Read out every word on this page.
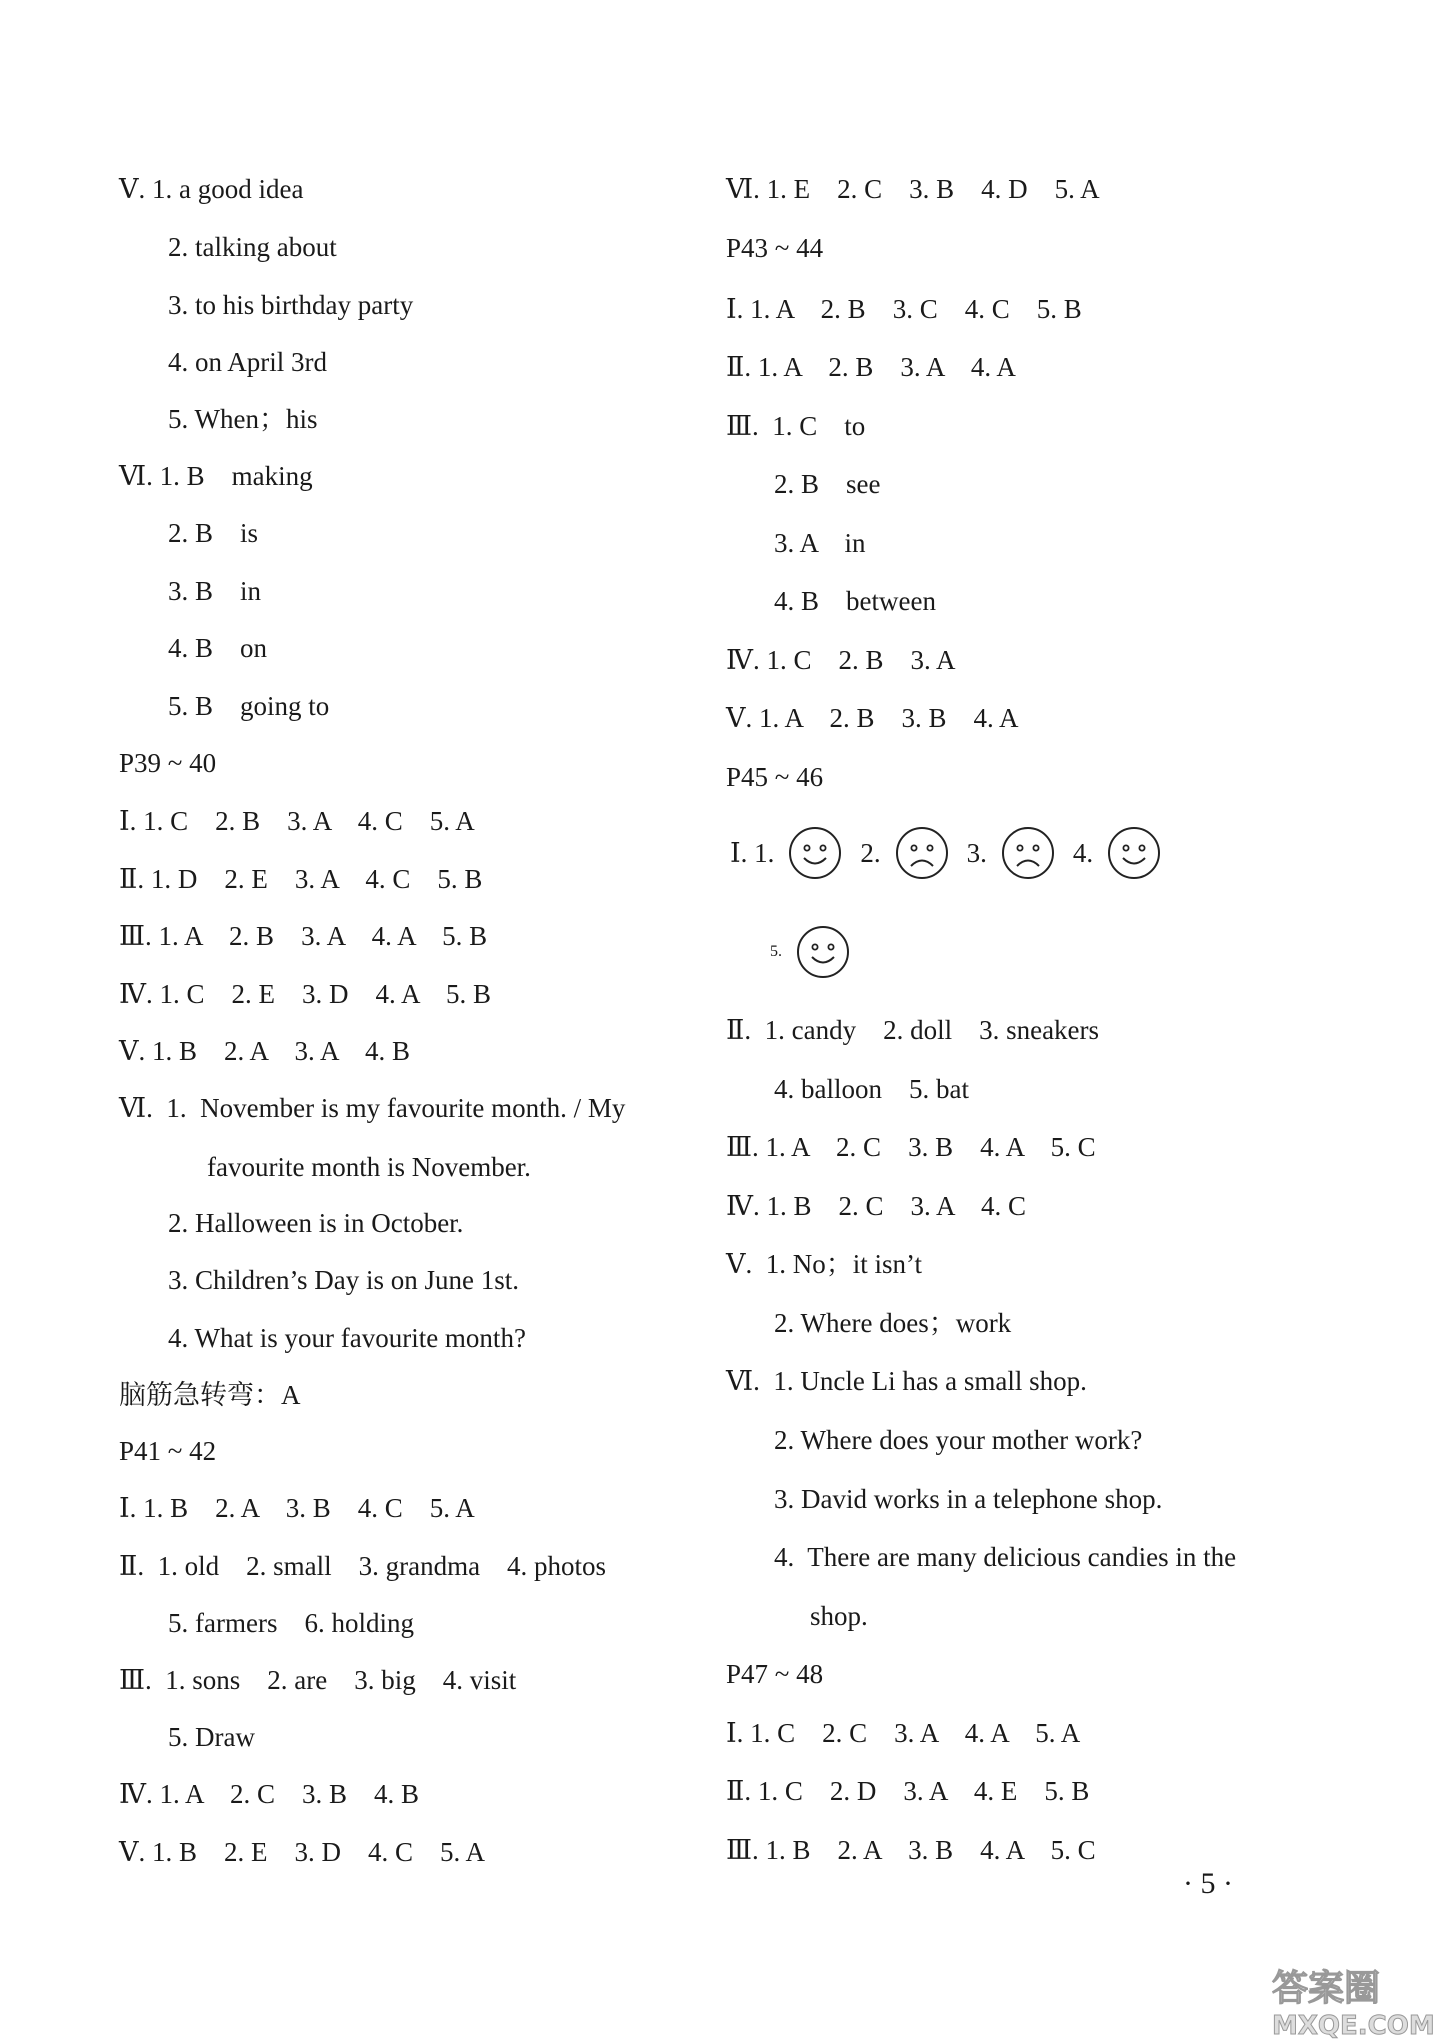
Ⅴ. 1. a good idea
2. talking about
3. to his birthday party
4. on April 3rd
5. When；his
Ⅵ. 1. B    making
2. B    is
3. B    in
4. B    on
5. B    going to
P39 ~ 40
Ⅰ. 1. C    2. B    3. A    4. C    5. A
Ⅱ. 1. D    2. E    3. A    4. C    5. B
Ⅲ. 1. A    2. B    3. A    4. A    5. B
Ⅳ. 1. C    2. E    3. D    4. A    5. B
Ⅴ. 1. B    2. A    3. A    4. B
Ⅵ.  1.  November is my favourite month. / My
favourite month is November.
2. Halloween is in October.
3. Children’s Day is on June 1st.
4. What is your favourite month?
脑筋急转弯：A
P41 ~ 42
Ⅰ. 1. B    2. A    3. B    4. C    5. A
Ⅱ.  1. old    2. small    3. grandma    4. photos
5. farmers    6. holding
Ⅲ.  1. sons    2. are    3. big    4. visit
5. Draw
Ⅳ. 1. A    2. C    3. B    4. B
Ⅴ. 1. B    2. E    3. D    4. C    5. A
Ⅵ. 1. E    2. C    3. B    4. D    5. A
P43 ~ 44
Ⅰ. 1. A    2. B    3. C    4. C    5. B
Ⅱ. 1. A    2. B    3. A    4. A
Ⅲ.  1. C    to
2. B    see
3. A    in
4. B    between
Ⅳ. 1. C    2. B    3. A
Ⅴ. 1. A    2. B    3. B    4. A
P45 ~ 46
Ⅱ.  1. candy    2. doll    3. sneakers
4. balloon    5. bat
Ⅲ. 1. A    2. C    3. B    4. A    5. C
Ⅳ. 1. B    2. C    3. A    4. C
Ⅴ.  1. No；it isn’t
2. Where does；work
Ⅵ.  1. Uncle Li has a small shop.
2. Where does your mother work?
3. David works in a telephone shop.
4.  There are many delicious candies in the
shop.
P47 ~ 48
Ⅰ. 1. C    2. C    3. A    4. A    5. A
Ⅱ. 1. C    2. D    3. A    4. E    5. B
Ⅲ. 1. B    2. A    3. B    4. A    5. C
Ⅰ. 1.	2.	3.	4.
5.
· 5 ·
答案圈
MXQE.COM
